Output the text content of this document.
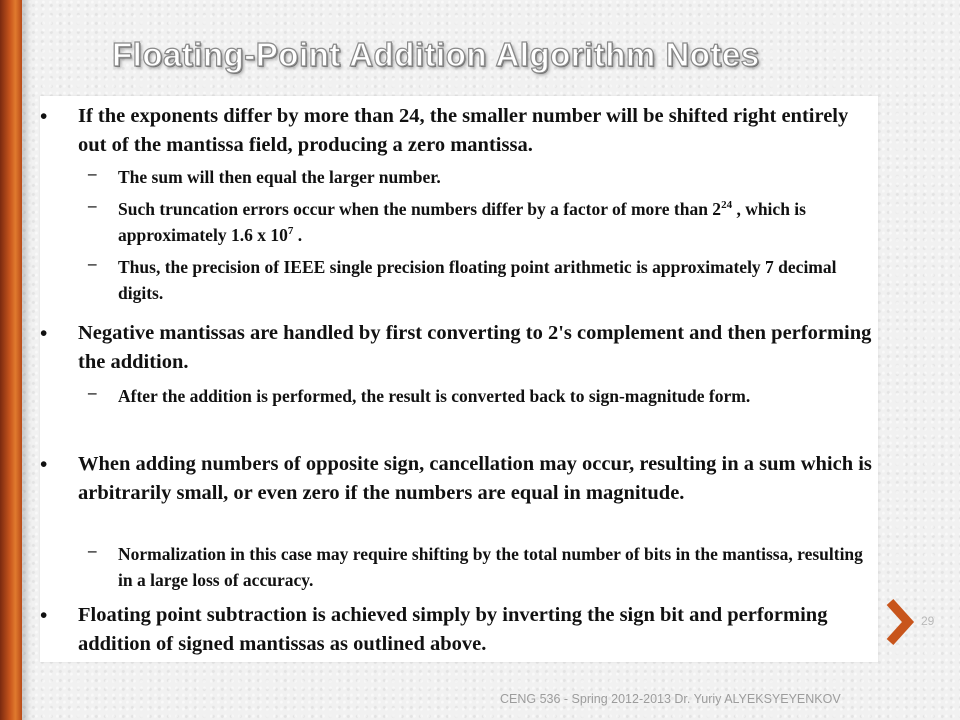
Floating-Point Addition Algorithm Notes
• If the exponents differ by more than 24, the smaller number will be shifted right entirely out of the mantissa field, producing a zero mantissa.
– The sum will then equal the larger number.
– Such truncation errors occur when the numbers differ by a factor of more than $2^{24}$ , which is approximately 1.6 x $10^7$ .
– Thus, the precision of IEEE single precision floating point arithmetic is approximately 7 decimal digits.
• Negative mantissas are handled by first converting to 2's complement and then performing the addition.
– After the addition is performed, the result is converted back to sign-magnitude form.
• When adding numbers of opposite sign, cancellation may occur, resulting in a sum which is arbitrarily small, or even zero if the numbers are equal in magnitude.
– Normalization in this case may require shifting by the total number of bits in the mantissa, resulting in a large loss of accuracy.
• Floating point subtraction is achieved simply by inverting the sign bit and performing addition of signed mantissas as outlined above.
29
CENG 536 - Spring 2012-2013 Dr. Yuriy ALYEKSYEYENKOV
